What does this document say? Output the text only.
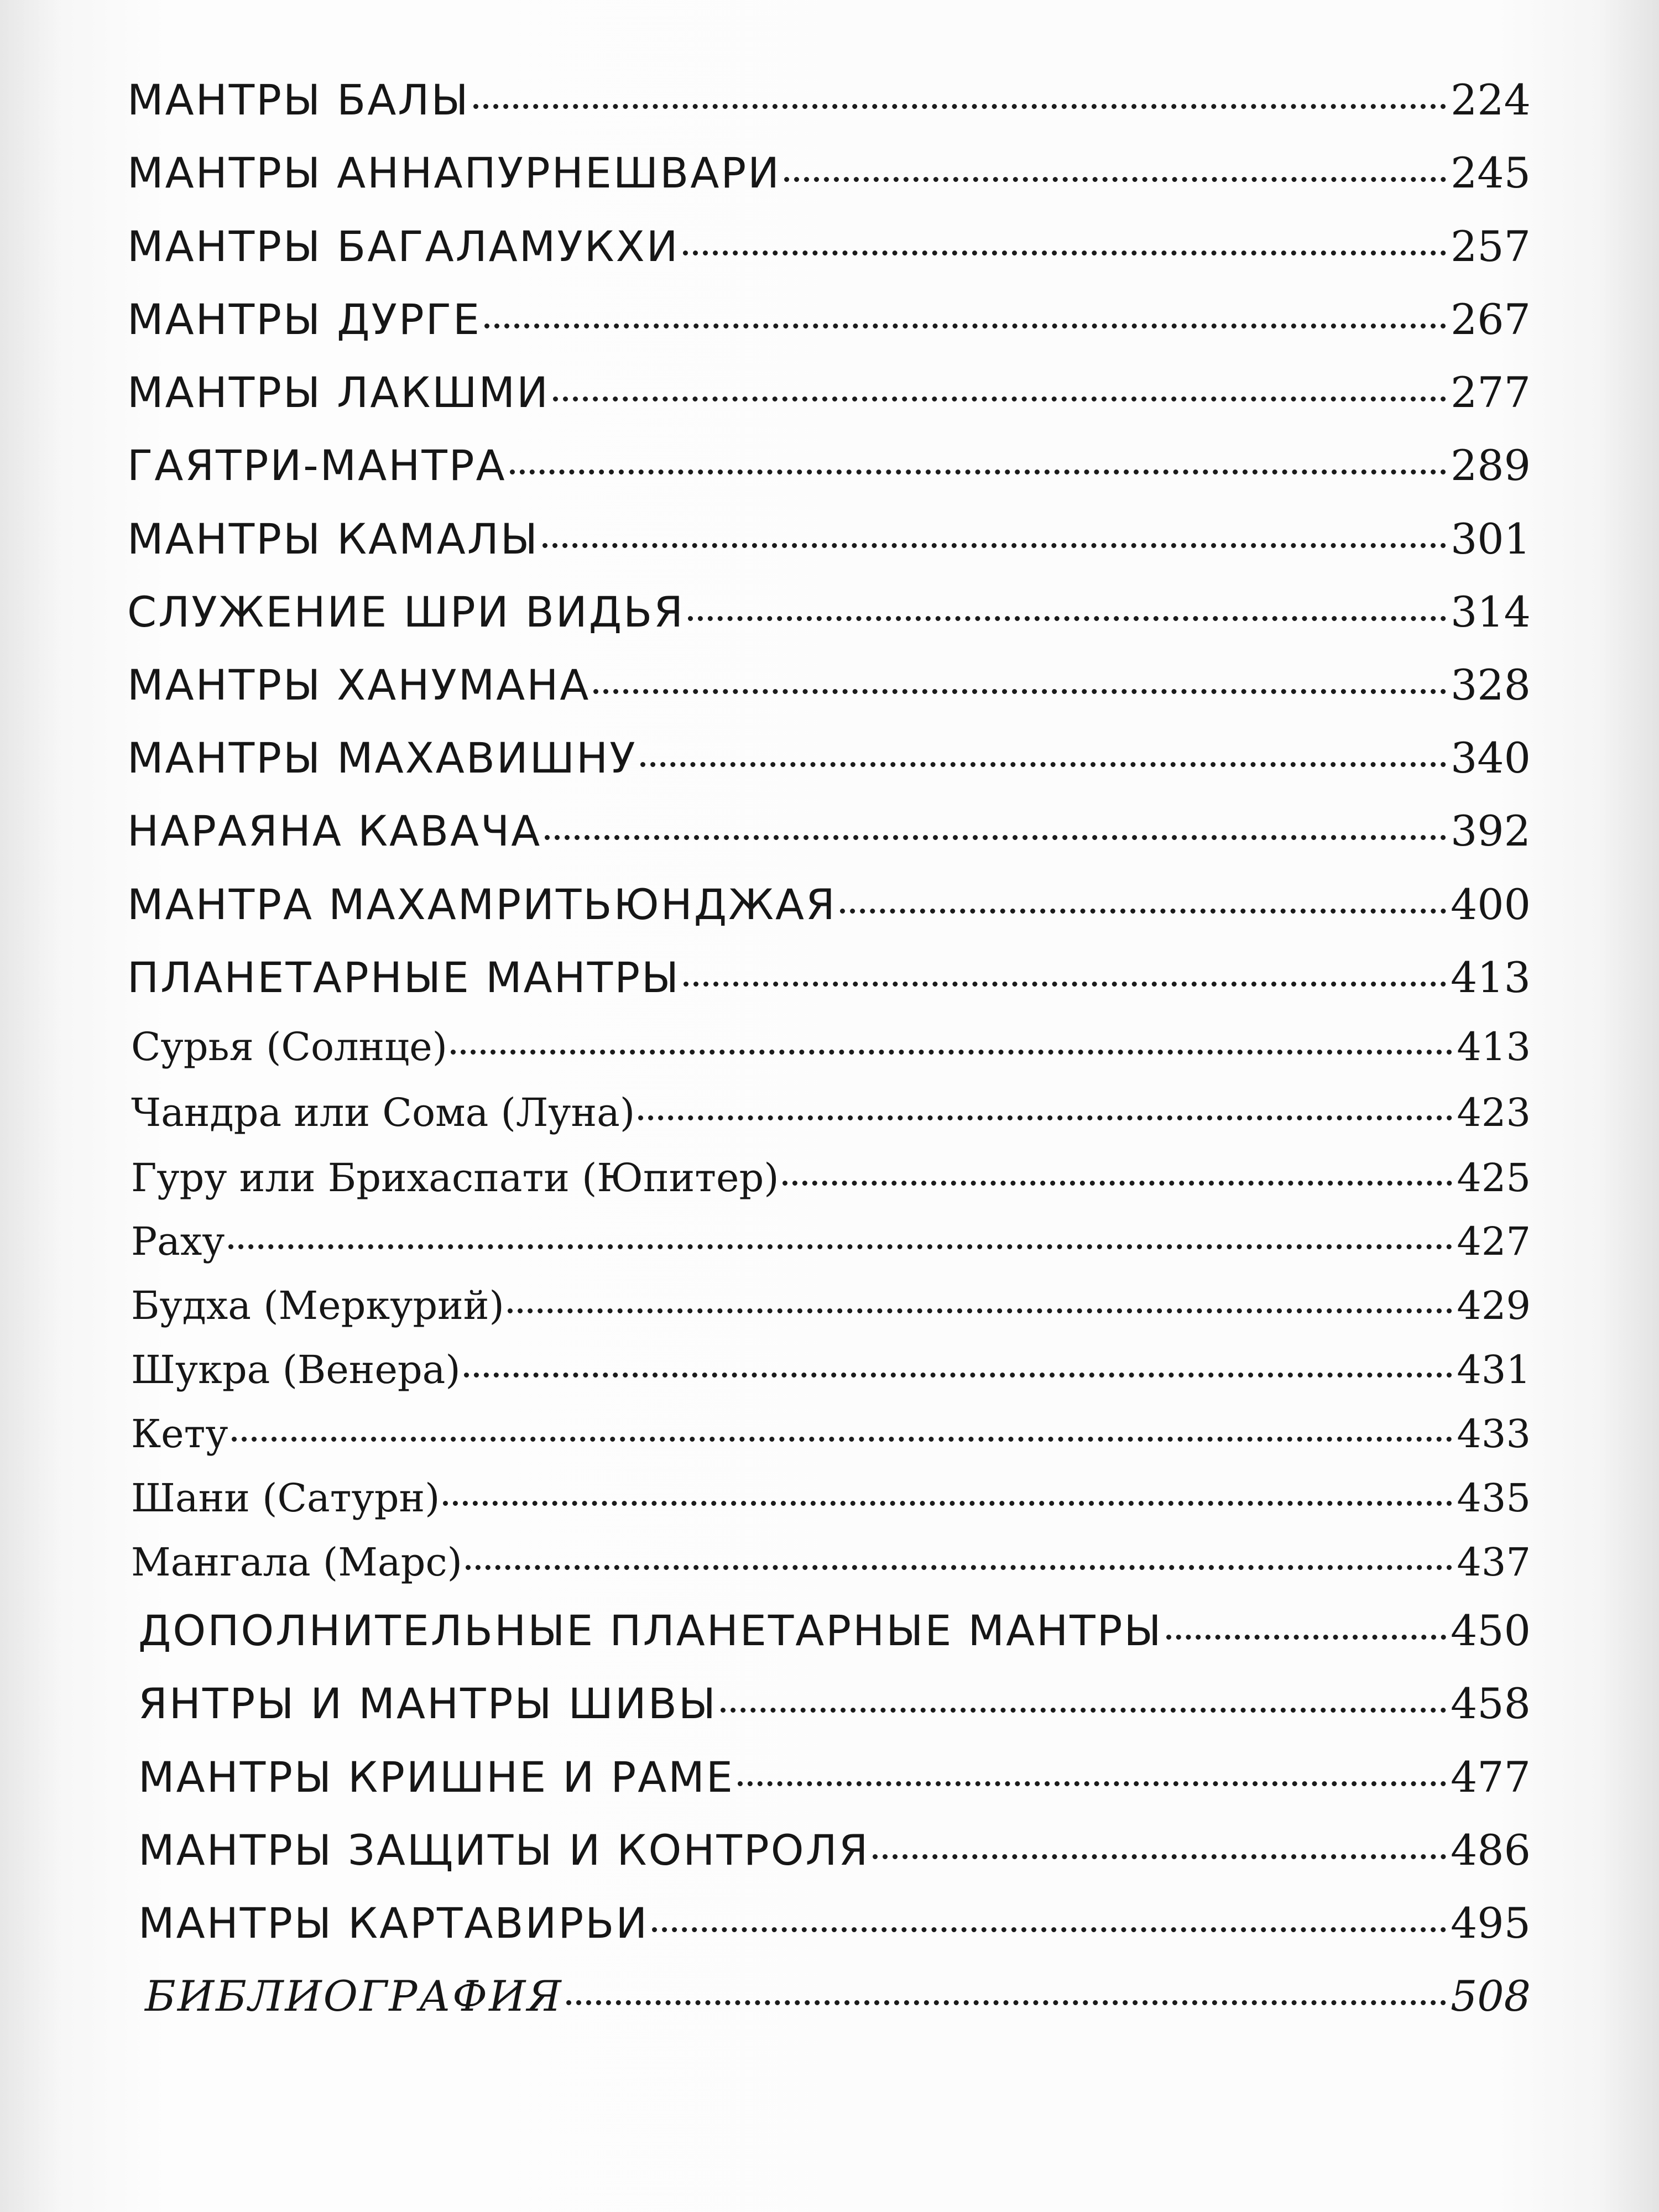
МАНТРЫ БАЛЫ	224
МАНТРЫ АННАПУРНЕШВАРИ	245
МАНТРЫ БАГАЛАМУКХИ	257
МАНТРЫ ДУРГЕ	267
МАНТРЫ ЛАКШМИ	277
ГАЯТРИ-МАНТРА	289
МАНТРЫ КАМАЛЫ	301
СЛУЖЕНИЕ ШРИ ВИДЬЯ	314
МАНТРЫ ХАНУМАНА	328
МАНТРЫ МАХАВИШНУ	340
НАРАЯНА КАВАЧА	392
МАНТРА МАХАМРИТЬЮНДЖАЯ	400
ПЛАНЕТАРНЫЕ МАНТРЫ	413
Сурья (Солнце)	413
Чандра или Сома (Луна)	423
Гуру или Брихаспати (Юпитер)	425
Раху	427
Будха (Меркурий)	429
Шукра (Венера)	431
Кету	433
Шани (Сатурн)	435
Мангала (Марс)	437
ДОПОЛНИТЕЛЬНЫЕ ПЛАНЕТАРНЫЕ МАНТРЫ	450
ЯНТРЫ И МАНТРЫ ШИВЫ	458
МАНТРЫ КРИШНЕ И РАМЕ	477
МАНТРЫ ЗАЩИТЫ И КОНТРОЛЯ	486
МАНТРЫ КАРТАВИРЬИ	495
БИБЛИОГРАФИЯ	508
